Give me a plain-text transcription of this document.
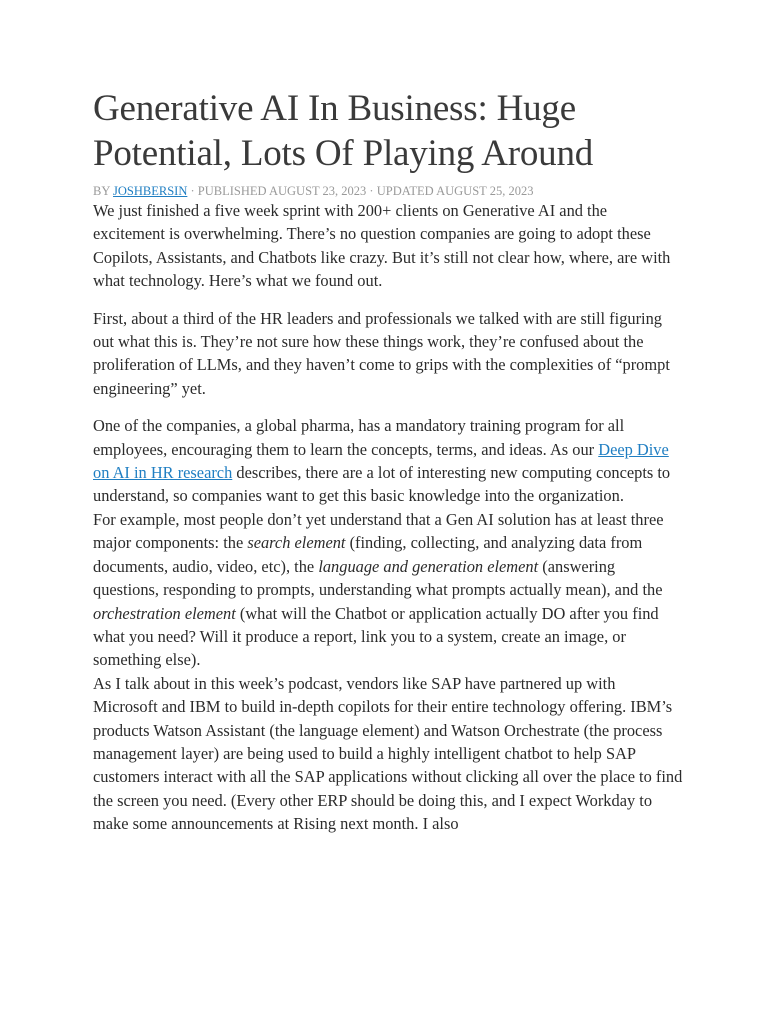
Generative AI In Business: Huge Potential, Lots Of Playing Around
BY JOSHBERSIN · PUBLISHED AUGUST 23, 2023 · UPDATED AUGUST 25, 2023

We just finished a five week sprint with 200+ clients on Generative AI and the excitement is overwhelming. There’s no question companies are going to adopt these Copilots, Assistants, and Chatbots like crazy. But it’s still not clear how, where, are with what technology. Here’s what we found out.

First, about a third of the HR leaders and professionals we talked with are still figuring out what this is. They’re not sure how these things work, they’re confused about the proliferation of LLMs, and they haven’t come to grips with the complexities of “prompt engineering” yet.

One of the companies, a global pharma, has a mandatory training program for all employees, encouraging them to learn the concepts, terms, and ideas. As our Deep Dive on AI in HR research describes, there are a lot of interesting new computing concepts to understand, so companies want to get this basic knowledge into the organization.

For example, most people don’t yet understand that a Gen AI solution has at least three major components: the search element (finding, collecting, and analyzing data from documents, audio, video, etc), the language and generation element (answering questions, responding to prompts, understanding what prompts actually mean), and the orchestration element (what will the Chatbot or application actually DO after you find what you need? Will it produce a report, link you to a system, create an image, or something else).

As I talk about in this week’s podcast, vendors like SAP have partnered up with Microsoft and IBM to build in-depth copilots for their entire technology offering. IBM’s products Watson Assistant (the language element) and Watson Orchestrate (the process management layer) are being used to build a highly intelligent chatbot to help SAP customers interact with all the SAP applications without clicking all over the place to find the screen you need. (Every other ERP should be doing this, and I expect Workday to make some announcements at Rising next month. I also
